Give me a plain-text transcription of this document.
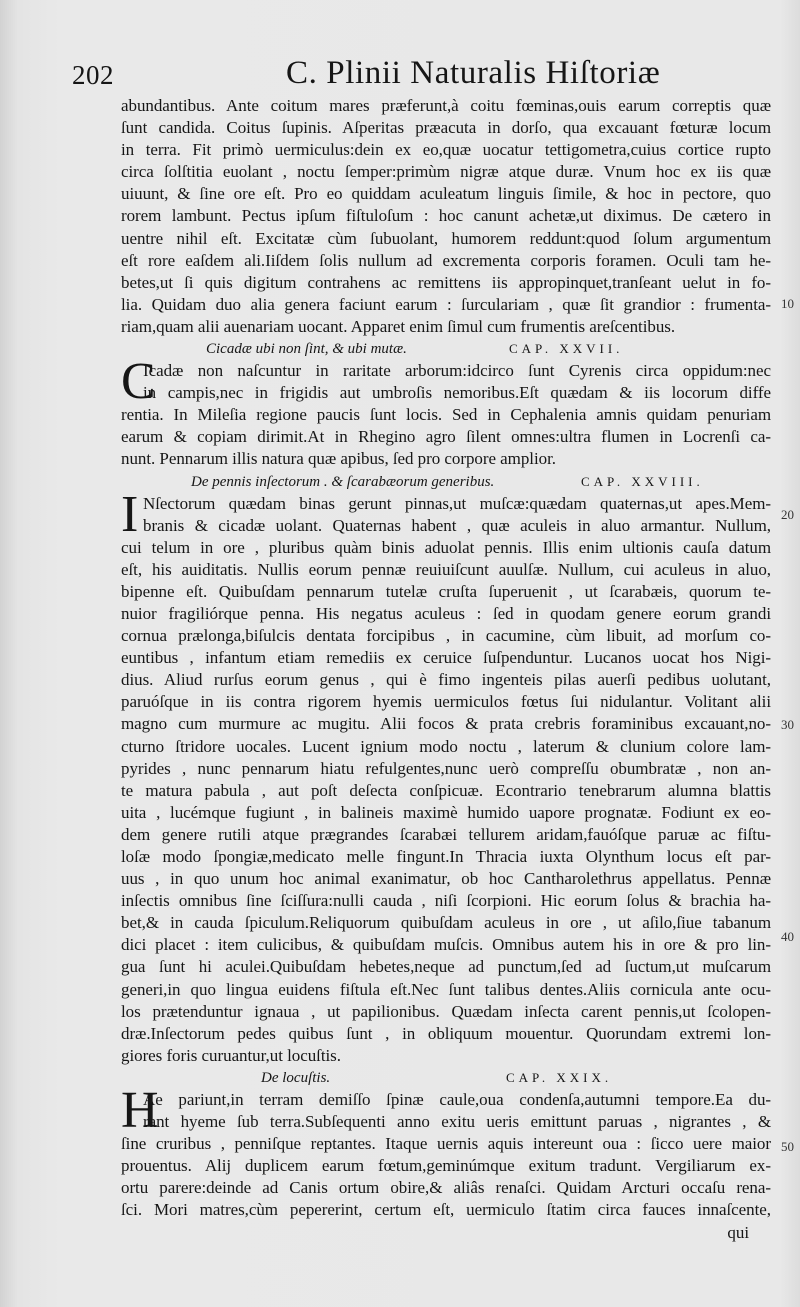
202	C. Plinii Naturalis Hiſtoriæ
abundantibus. Ante coitum mares præferunt,à coitu fœminas,ouis earum correptis quæ
ſunt candida. Coitus ſupinis. Aſperitas præacuta in dorſo, qua excauant fœturæ locum
in terra. Fit primò uermiculus:dein ex eo,quæ uocatur tettigometra,cuius cortice rupto
circa ſolſtitia euolant , noctu ſemper:primùm nigræ atque duræ. Vnum hoc ex iis quæ
uiuunt, & ſine ore eſt. Pro eo quiddam aculeatum linguis ſimile, & hoc in pectore, quo
rorem lambunt. Pectus ipſum fiſtuloſum : hoc canunt achetæ,ut diximus. De cætero in
uentre nihil eſt. Excitatæ cùm ſubuolant, humorem reddunt:quod ſolum argumentum
eſt rore eaſdem ali.Iiſdem ſolis nullum ad excrementa corporis foramen. Oculi tam he-
betes,ut ſi quis digitum contrahens ac remittens iis appropinquet,tranſeant uelut in fo-
lia. Quidam duo alia genera faciunt earum : ſurculariam , quæ ſit grandior : frumenta-
riam,quam alii auenariam uocant. Apparet enim ſimul cum frumentis areſcentibus.
Cicadæ ubi non ſint, & ubi mutæ.	CAP. XXVII.
C
Icadæ non naſcuntur in raritate arborum:idcirco ſunt Cyrenis circa oppidum:nec
in campis,nec in frigidis aut umbroſis nemoribus.Eſt quædam & iis locorum diffe
rentia. In Mileſia regione paucis ſunt locis. Sed in Cephalenia amnis quidam penuriam
earum & copiam dirimit.At in Rhegino agro ſilent omnes:ultra flumen in Locrenſi ca-
nunt. Pennarum illis natura quæ apibus, ſed pro corpore amplior.
De pennis inſectorum . & ſcarabæorum generibus.	CAP. XXVIII.
I Nſectorum quædam binas gerunt pinnas,ut muſcæ:quædam quaternas,ut apes.Mem-
branis & cicadæ uolant. Quaternas habent , quæ aculeis in aluo armantur. Nullum,
cui telum in ore , pluribus quàm binis aduolat pennis. Illis enim ultionis cauſa datum
eſt, his auiditatis. Nullis eorum pennæ reuiuiſcunt auulſæ. Nullum, cui aculeus in aluo,
bipenne eſt. Quibuſdam pennarum tutelæ cruſta ſuperuenit , ut ſcarabæis, quorum te-
nuior fragiliórque penna. His negatus aculeus : ſed in quodam genere eorum grandi
cornua prælonga,biſulcis dentata forcipibus , in cacumine, cùm libuit, ad morſum co-
euntibus , infantum etiam remediis ex ceruice ſuſpenduntur. Lucanos uocat hos Nigi-
dius. Aliud rurſus eorum genus , qui è fimo ingenteis pilas auerſi pedibus uolutant,
paruóſque in iis contra rigorem hyemis uermiculos fœtus ſui nidulantur. Volitant alii
magno cum murmure ac mugitu. Alii focos & prata crebris foraminibus excauant,no-
cturno ſtridore uocales. Lucent ignium modo noctu , laterum & clunium colore lam-
pyrides , nunc pennarum hiatu refulgentes,nunc uerò compreſſu obumbratæ , non an-
te matura pabula , aut poſt deſecta conſpicuæ. Econtrario tenebrarum alumna blattis
uita , lucémque fugiunt , in balineis maximè humido uapore prognatæ. Fodiunt ex eo-
dem genere rutili atque prægrandes ſcarabæi tellurem aridam,fauóſque paruæ ac fiſtu-
loſæ modo ſpongiæ,medicato melle fingunt.In Thracia iuxta Olynthum locus eſt par-
uus , in quo unum hoc animal exanimatur, ob hoc Cantharolethrus appellatus. Pennæ
inſectis omnibus ſine ſciſſura:nulli cauda , niſi ſcorpioni. Hic eorum ſolus & brachia ha-
bet,& in cauda ſpiculum.Reliquorum quibuſdam aculeus in ore , ut aſilo,ſiue tabanum
dici placet : item culicibus, & quibuſdam muſcis. Omnibus autem his in ore & pro lin-
gua ſunt hi aculei.Quibuſdam hebetes,neque ad punctum,ſed ad ſuctum,ut muſcarum
generi,in quo lingua euidens fiſtula eſt.Nec ſunt talibus dentes.Aliis cornicula ante ocu-
los prætenduntur ignaua , ut papilionibus. Quædam inſecta carent pennis,ut ſcolopen-
dræ.Inſectorum pedes quibus ſunt , in obliquum mouentur. Quorundam extremi lon-
giores foris curuantur,ut locuſtis.
De locuſtis.	CAP. XXIX.
H
Ae pariunt,in terram demiſſo ſpinæ caule,oua condenſa,autumni tempore.Ea du-
rant hyeme ſub terra.Subſequenti anno exitu ueris emittunt paruas , nigrantes , &
ſine cruribus , penniſque reptantes. Itaque uernis aquis intereunt oua : ſicco uere maior
prouentus. Alij duplicem earum fœtum,geminúmque exitum tradunt. Vergiliarum ex-
ortu parere:deinde ad Canis ortum obire,& aliâs renaſci. Quidam Arcturi occaſu rena-
ſci. Mori matres,cùm pepererint, certum eſt, uermiculo ſtatim circa fauces innaſcente,
qui
10
20
30
40
50
